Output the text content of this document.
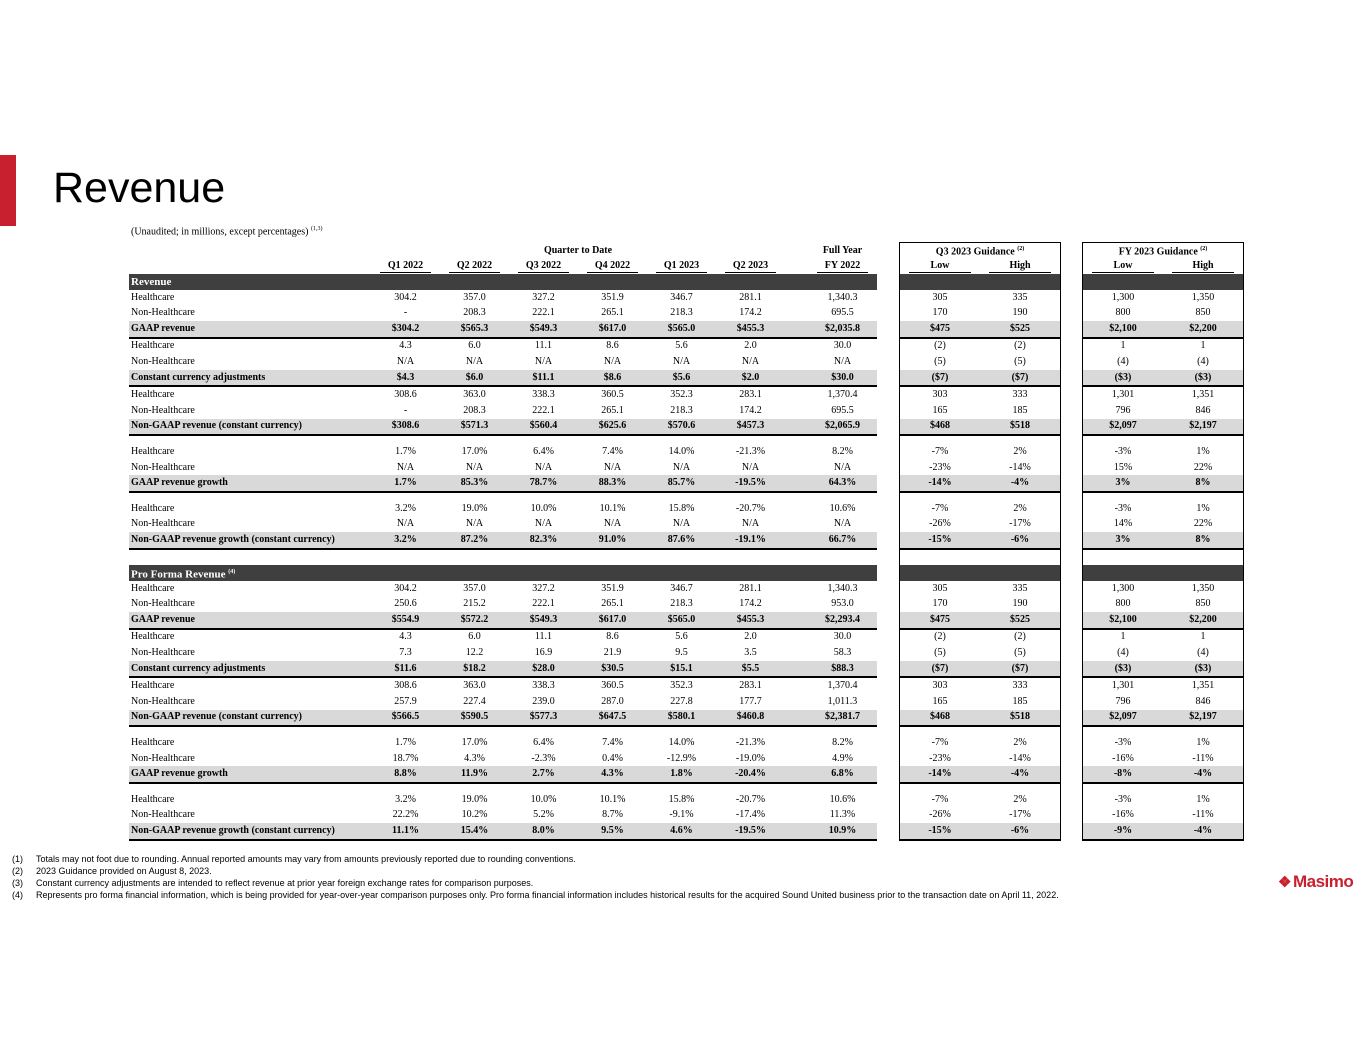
Revenue
(Unaudited; in millions, except percentages) $^{(1,3)}$
			Quarter to Date					Full Year		Q3 2023 Guidance $^{(2)}$			FY 2023 Guidance $^{(2)}$
	Q1 2022	Q2 2022	Q3 2022	Q4 2022	Q1 2023	Q2 2023		FY 2022		Low	High		Low	High
Revenue														
Healthcare	304.2	357.0	327.2	351.9	346.7	281.1		1,340.3		305	335		1,300	1,350
Non-Healthcare	-	208.3	222.1	265.1	218.3	174.2		695.5		170	190		800	850
GAAP revenue	$304.2	$565.3	$549.3	$617.0	$565.0	$455.3		$2,035.8		$475	$525		$2,100	$2,200
Healthcare	4.3	6.0	11.1	8.6	5.6	2.0		30.0		(2)	(2)		1	1
Non-Healthcare	N/A	N/A	N/A	N/A	N/A	N/A		N/A		(5)	(5)		(4)	(4)
Constant currency adjustments	$4.3	$6.0	$11.1	$8.6	$5.6	$2.0		$30.0		($7)	($7)		($3)	($3)
Healthcare	308.6	363.0	338.3	360.5	352.3	283.1		1,370.4		303	333		1,301	1,351
Non-Healthcare	-	208.3	222.1	265.1	218.3	174.2		695.5		165	185		796	846
Non-GAAP revenue (constant currency)	$308.6	$571.3	$560.4	$625.6	$570.6	$457.3		$2,065.9		$468	$518		$2,097	$2,197

Healthcare	1.7%	17.0%	6.4%	7.4%	14.0%	-21.3%		8.2%		-7%	2%		-3%	1%
Non-Healthcare	N/A	N/A	N/A	N/A	N/A	N/A		N/A		-23%	-14%		15%	22%
GAAP revenue growth	1.7%	85.3%	78.7%	88.3%	85.7%	-19.5%		64.3%		-14%	-4%		3%	8%

Healthcare	3.2%	19.0%	10.0%	10.1%	15.8%	-20.7%		10.6%		-7%	2%		-3%	1%
Non-Healthcare	N/A	N/A	N/A	N/A	N/A	N/A		N/A		-26%	-17%		14%	22%
Non-GAAP revenue growth (constant currency)	3.2%	87.2%	82.3%	91.0%	87.6%	-19.1%		66.7%		-15%	-6%		3%	8%

Pro Forma Revenue $^{(4)}$														
Healthcare	304.2	357.0	327.2	351.9	346.7	281.1		1,340.3		305	335		1,300	1,350
Non-Healthcare	250.6	215.2	222.1	265.1	218.3	174.2		953.0		170	190		800	850
GAAP revenue	$554.9	$572.2	$549.3	$617.0	$565.0	$455.3		$2,293.4		$475	$525		$2,100	$2,200
Healthcare	4.3	6.0	11.1	8.6	5.6	2.0		30.0		(2)	(2)		1	1
Non-Healthcare	7.3	12.2	16.9	21.9	9.5	3.5		58.3		(5)	(5)		(4)	(4)
Constant currency adjustments	$11.6	$18.2	$28.0	$30.5	$15.1	$5.5		$88.3		($7)	($7)		($3)	($3)
Healthcare	308.6	363.0	338.3	360.5	352.3	283.1		1,370.4		303	333		1,301	1,351
Non-Healthcare	257.9	227.4	239.0	287.0	227.8	177.7		1,011.3		165	185		796	846
Non-GAAP revenue (constant currency)	$566.5	$590.5	$577.3	$647.5	$580.1	$460.8		$2,381.7		$468	$518		$2,097	$2,197

Healthcare	1.7%	17.0%	6.4%	7.4%	14.0%	-21.3%		8.2%		-7%	2%		-3%	1%
Non-Healthcare	18.7%	4.3%	-2.3%	0.4%	-12.9%	-19.0%		4.9%		-23%	-14%		-16%	-11%
GAAP revenue growth	8.8%	11.9%	2.7%	4.3%	1.8%	-20.4%		6.8%		-14%	-4%		-8%	-4%

Healthcare	3.2%	19.0%	10.0%	10.1%	15.8%	-20.7%		10.6%		-7%	2%		-3%	1%
Non-Healthcare	22.2%	10.2%	5.2%	8.7%	-9.1%	-17.4%		11.3%		-26%	-17%		-16%	-11%
Non-GAAP revenue growth (constant currency)	11.1%	15.4%	8.0%	9.5%	4.6%	-19.5%		10.9%		-15%	-6%		-9%	-4%
(1) Totals may not foot due to rounding. Annual reported amounts may vary from amounts previously reported due to rounding conventions.
(2) 2023 Guidance provided on August 8, 2023.
(3) Constant currency adjustments are intended to reflect revenue at prior year foreign exchange rates for comparison purposes.
(4) Represents pro forma financial information, which is being provided for year-over-year comparison purposes only. Pro forma financial information includes historical results for the acquired Sound United business prior to the transaction date on April 11, 2022.
❖ Masimo
